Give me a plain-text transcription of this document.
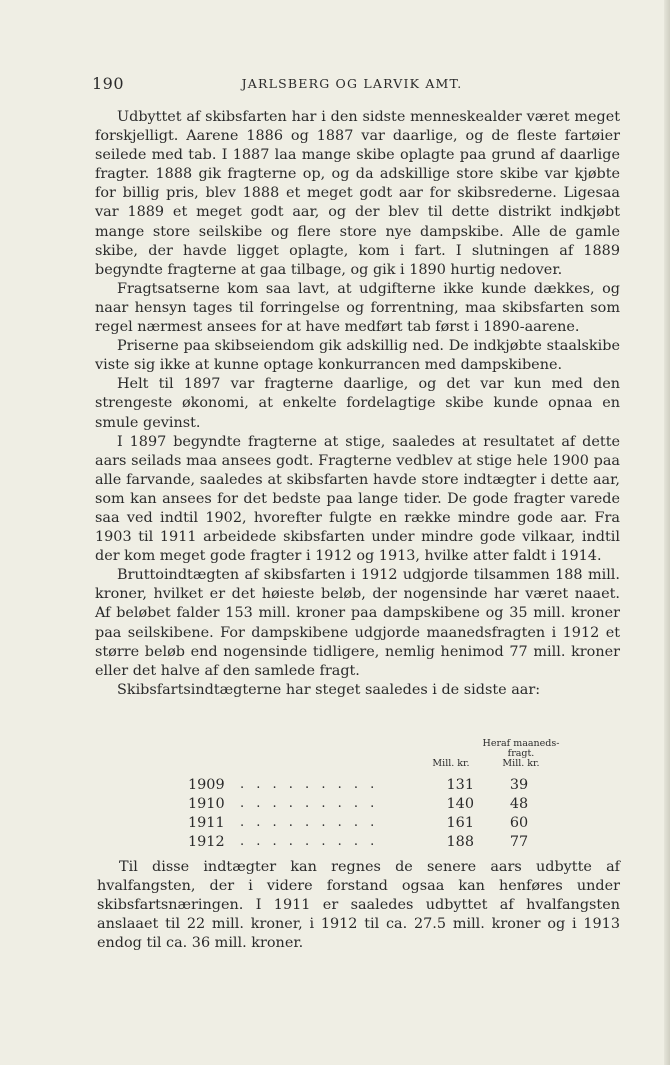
190	JARLSBERG OG LARVIK AMT.

Udbyttet af skibsfarten har i den sidste menneskealder været meget forskjelligt. Aarene 1886 og 1887 var daarlige, og de fleste fartøier seilede med tab. I 1887 laa mange skibe oplagte paa grund af daarlige fragter. 1888 gik fragterne op, og da adskillige store skibe var kjøbte for billig pris, blev 1888 et meget godt aar for skibsrederne. Ligesaa var 1889 et meget godt aar, og der blev til dette distrikt indkjøbt mange store seilskibe og flere store nye dampskibe. Alle de gamle skibe, der havde ligget oplagte, kom i fart. I slutningen af 1889 begyndte fragterne at gaa tilbage, og gik i 1890 hurtig nedover.

Fragtsatserne kom saa lavt, at udgifterne ikke kunde dækkes, og naar hensyn tages til forringelse og forrentning, maa skibsfarten som regel nærmest ansees for at have medført tab først i 1890-aarene.

Priserne paa skibseiendom gik adskillig ned. De indkjøbte staalskibe viste sig ikke at kunne optage konkurrancen med dampskibene.

Helt til 1897 var fragterne daarlige, og det var kun med den strengeste økonomi, at enkelte fordelagtige skibe kunde opnaa en smule gevinst.

I 1897 begyndte fragterne at stige, saaledes at resultatet af dette aars seilads maa ansees godt. Fragterne vedblev at stige hele 1900 paa alle farvande, saaledes at skibsfarten havde store indtægter i dette aar, som kan ansees for det bedste paa lange tider. De gode fragter varede saa ved indtil 1902, hvorefter fulgte en række mindre gode aar. Fra 1903 til 1911 arbeidede skibsfarten under mindre gode vilkaar, indtil der kom meget gode fragter i 1912 og 1913, hvilke atter faldt i 1914.

Bruttoindtægten af skibsfarten i 1912 udgjorde tilsammen 188 mill. kroner, hvilket er det høieste beløb, der nogensinde har været naaet. Af beløbet falder 153 mill. kroner paa dampskibene og 35 mill. kroner paa seilskibene. For dampskibene udgjorde maanedsfragten i 1912 et større beløb end nogensinde tidligere, nemlig henimod 77 mill. kroner eller det halve af den samlede fragt.

Skibsfartsindtægterne har steget saaledes i de sidste aar:

Heraf maaneds-
fragt.
Mill. kr.
Mill. kr.
1909 . . . . . . . . .	131	39
1910 . . . . . . . . .	140	48
1911 . . . . . . . . .	161	60
1912 . . . . . . . . .	188	77

Til disse indtægter kan regnes de senere aars udbytte af hvalfangsten, der i videre forstand ogsaa kan henføres under skibsfartsnæringen. I 1911 er saaledes udbyttet af hvalfangsten anslaaet til 22 mill. kroner, i 1912 til ca. 27.5 mill. kroner og i 1913 endog til ca. 36 mill. kroner.
